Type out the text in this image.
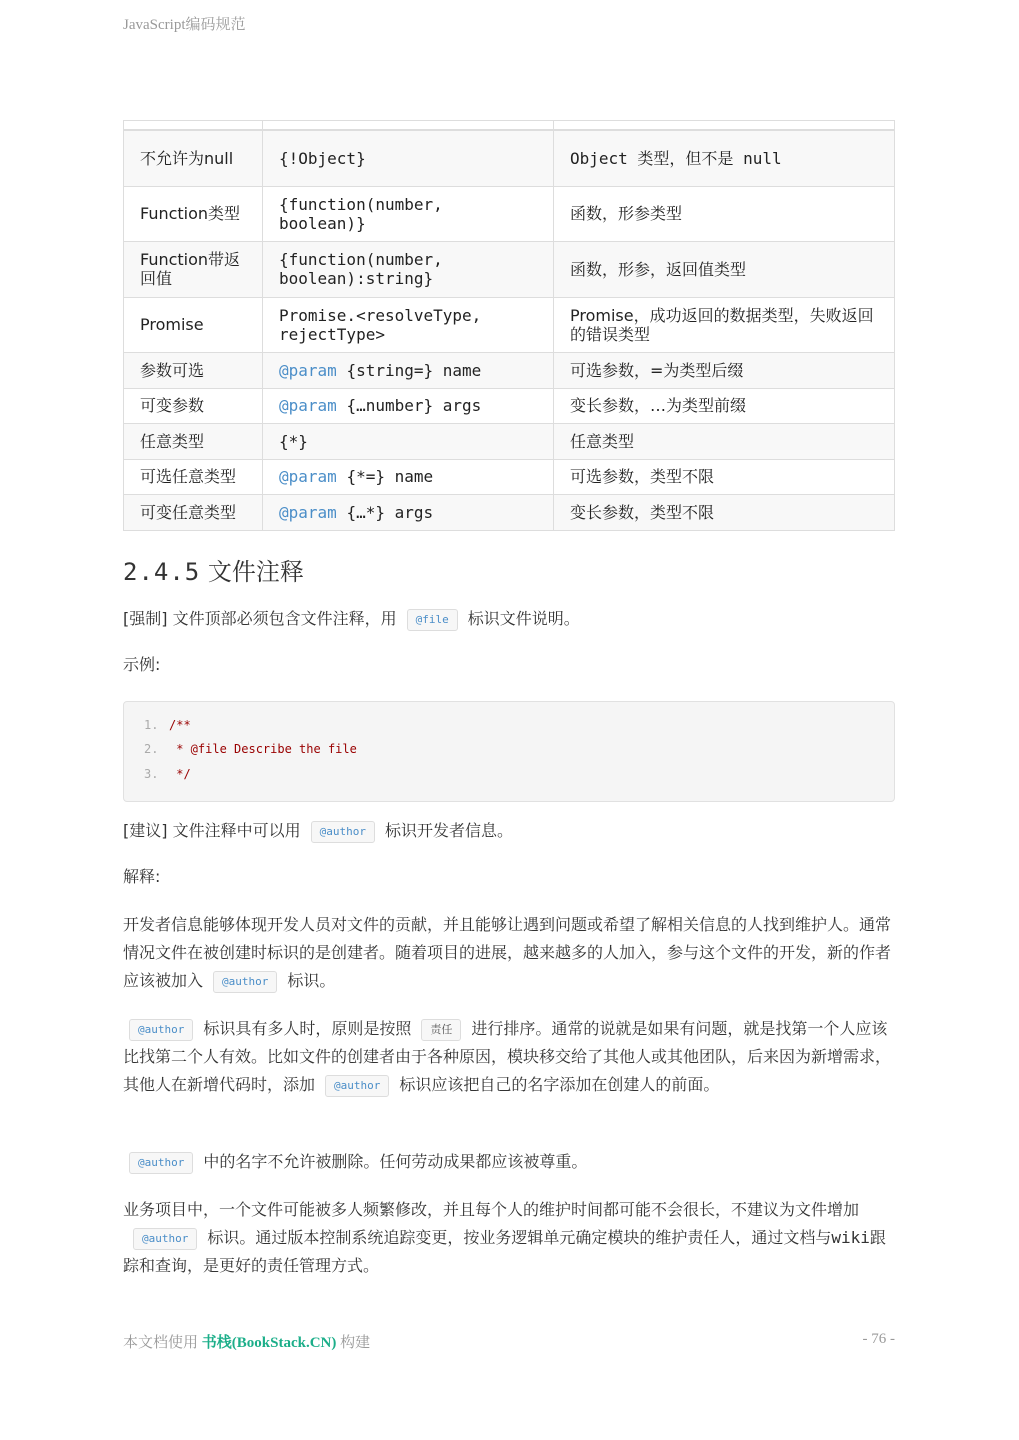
JavaScript编码规范

不允许为null	{!Object}	Object 类型，但不是 null
Function类型	{function(number, boolean)}	函数，形参类型
Function带返回值	{function(number, boolean):string}	函数，形参，返回值类型
Promise	Promise.<resolveType, rejectType>	Promise，成功返回的数据类型，失败返回的错误类型
参数可选	@param {string=} name	可选参数，=为类型后缀
可变参数	@param {…number} args	变长参数，…为类型前缀
任意类型	{*}	任意类型
可选任意类型	@param {*=} name	可选参数，类型不限
可变任意类型	@param {…*} args	变长参数，类型不限
2.4.5 文件注释

[强制] 文件顶部必须包含文件注释，用 @file 标识文件说明。

示例:

1. /**
2. * @file Describe the file
3. */

[建议] 文件注释中可以用 @author 标识开发者信息。

解释:

开发者信息能够体现开发人员对文件的贡献，并且能够让遇到问题或希望了解相关信息的人找到维护人。通常情况文件在被创建时标识的是创建者。随着项目的进展，越来越多的人加入，参与这个文件的开发，新的作者应该被加入 @author 标识。

@author 标识具有多人时，原则是按照 责任 进行排序。通常的说就是如果有问题，就是找第一个人应该比找第二个人有效。比如文件的创建者由于各种原因，模块移交给了其他人或其他团队，后来因为新增需求，其他人在新增代码时，添加 @author 标识应该把自己的名字添加在创建人的前面。

@author 中的名字不允许被删除。任何劳动成果都应该被尊重。

业务项目中，一个文件可能被多人频繁修改，并且每个人的维护时间都可能不会很长，不建议为文件增加@author 标识。通过版本控制系统追踪变更，按业务逻辑单元确定模块的维护责任人，通过文档与wiki跟踪和查询，是更好的责任管理方式。

本文档使用 书栈(BookStack.CN) 构建	- 76 -
